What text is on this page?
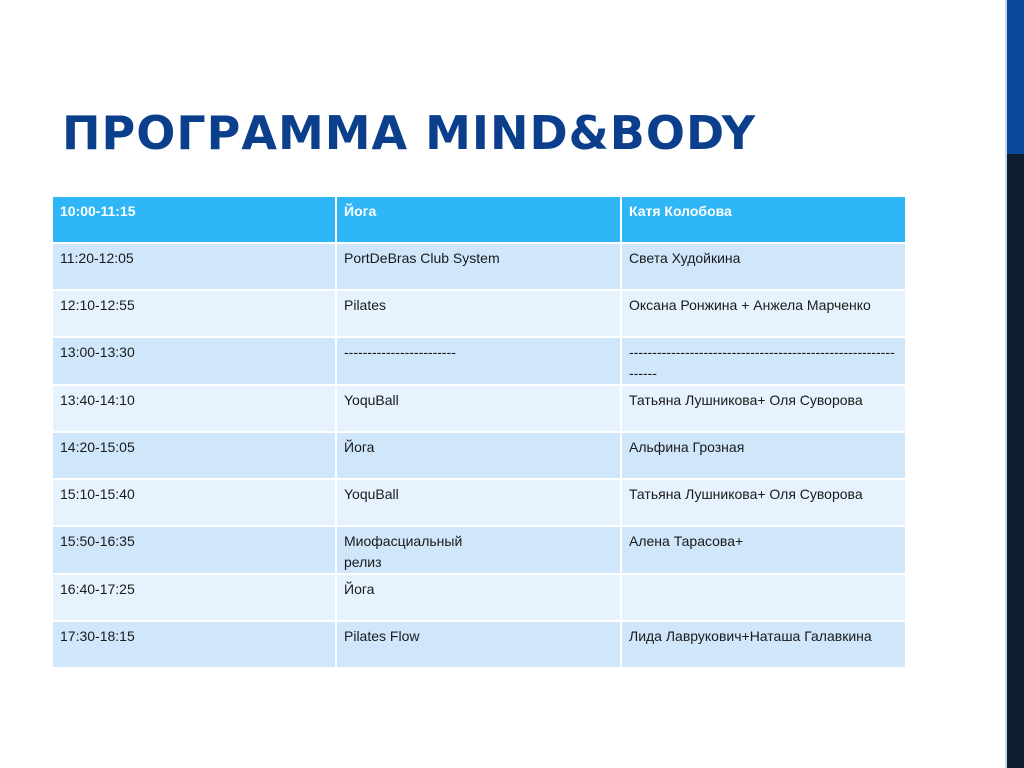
ПРОГРАММА MIND&BODY
10:00-11:15	Йога	Катя Колобова
11:20-12:05	PortDeBras Club System	Света Худойкина
12:10-12:55	Pilates	Оксана Ронжина + Анжела Марченко
13:00-13:30	------------------------	---------------------------------------------------------------
13:40-14:10	YoquBall	Татьяна Лушникова+ Оля Суворова
14:20-15:05	Йога	Альфина Грозная
15:10-15:40	YoquBall	Татьяна Лушникова+ Оля Суворова
15:50-16:35	Миофасциальный релиз	Алена Тарасова+
16:40-17:25	Йога	
17:30-18:15	Pilates Flow	Лида Лаврукович+Наташа Галавкина
